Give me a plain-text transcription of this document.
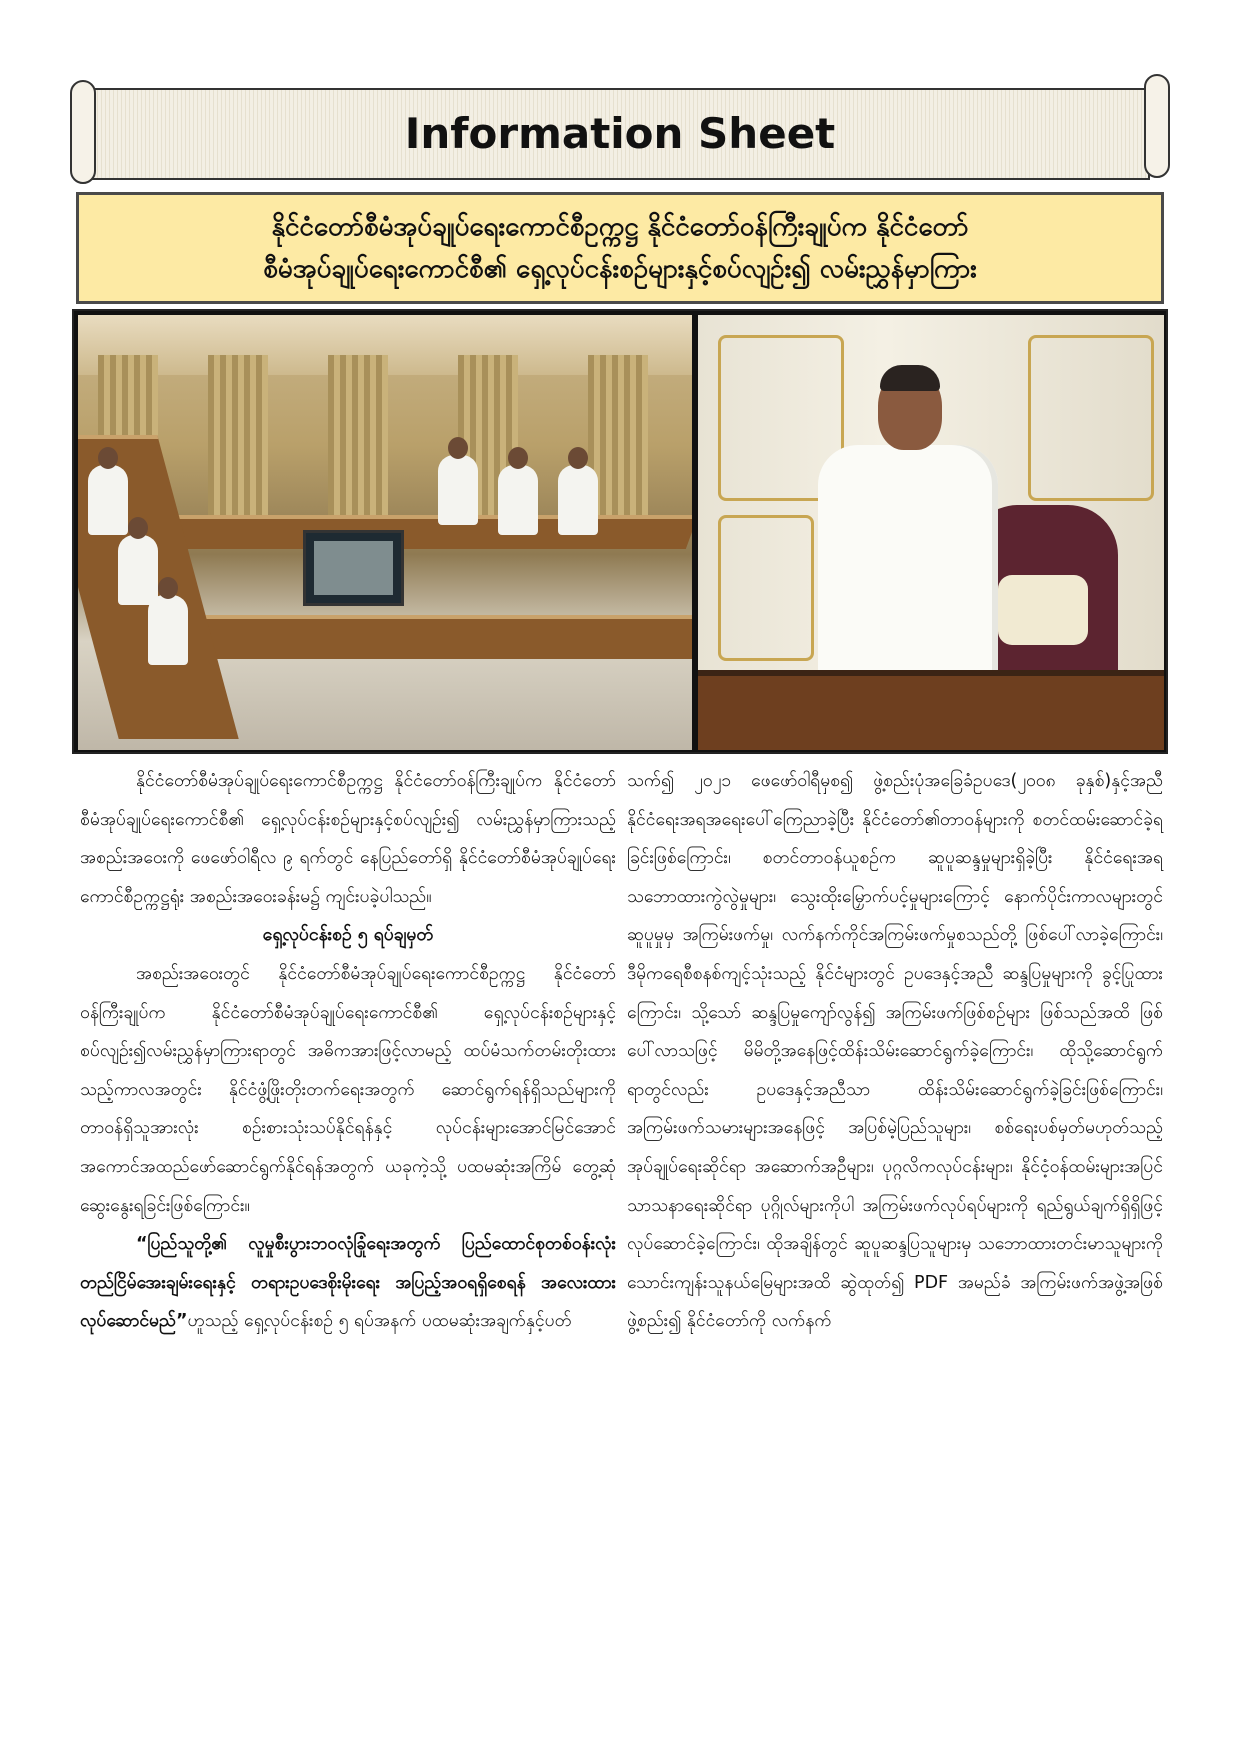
Information Sheet
နိုင်ငံတော်စီမံအုပ်ချုပ်ရေးကောင်စီဥက္ကဋ္ဌ နိုင်ငံတော်ဝန်ကြီးချုပ်က နိုင်ငံတော်
စီမံအုပ်ချုပ်ရေးကောင်စီ၏ ရှေ့လုပ်ငန်းစဉ်များနှင့်စပ်လျဉ်း၍ လမ်းညွှန်မှာကြား

နိုင်ငံတော်စီမံအုပ်ချုပ်ရေးကောင်စီဥက္ကဋ္ဌ နိုင်ငံတော်ဝန်ကြီးချုပ်က နိုင်ငံတော်စီမံအုပ်ချုပ်ရေးကောင်စီ၏ ရှေ့လုပ်ငန်းစဉ်များနှင့်စပ်လျဉ်း၍ လမ်းညွှန်မှာကြားသည့် အစည်းအဝေးကို ဖေဖော်ဝါရီလ ၉ ရက်တွင် နေပြည်တော်ရှိ နိုင်ငံတော်စီမံအုပ်ချုပ်ရေးကောင်စီဥက္ကဋ္ဌရုံး အစည်းအဝေးခန်းမ၌ ကျင်းပခဲ့ပါသည်။

ရှေ့လုပ်ငန်းစဉ် ၅ ရပ်ချမှတ်

အစည်းအဝေးတွင် နိုင်ငံတော်စီမံအုပ်ချုပ်ရေးကောင်စီဥက္ကဋ္ဌ နိုင်ငံတော်ဝန်ကြီးချုပ်က နိုင်ငံတော်စီမံအုပ်ချုပ်ရေးကောင်စီ၏ ရှေ့လုပ်ငန်းစဉ်များနှင့် စပ်လျဉ်း၍လမ်းညွှန်မှာကြားရာတွင် အဓိကအားဖြင့်လာမည့် ထပ်မံသက်တမ်းတိုးထားသည့်ကာလအတွင်း နိုင်ငံဖွံ့ဖြိုးတိုးတက်ရေးအတွက် ဆောင်ရွက်ရန်ရှိသည်များကို တာဝန်ရှိသူအားလုံး စဉ်းစားသုံးသပ်နိုင်ရန်နှင့် လုပ်ငန်းများအောင်မြင်အောင် အကောင်အထည်ဖော်ဆောင်ရွက်နိုင်ရန်အတွက် ယခုကဲ့သို့ ပထမဆုံးအကြိမ် တွေ့ဆုံဆွေးနွေးရခြင်းဖြစ်ကြောင်း။

“ပြည်သူတို့၏ လူမှုစီးပွားဘဝလုံခြုံရေးအတွက် ပြည်ထောင်စုတစ်ဝန်းလုံး တည်ငြိမ်အေးချမ်းရေးနှင့် တရားဥပဒေစိုးမိုးရေး အပြည့်အဝရရှိစေရန် အလေးထားလုပ်ဆောင်မည်”ဟူသည့် ရှေ့လုပ်ငန်းစဉ် ၅ ရပ်အနက် ပထမဆုံးအချက်နှင့်ပတ်

သက်၍ ၂၀၂၁ ဖေဖော်ဝါရီမှစ၍ ဖွဲ့စည်းပုံအခြေခံဥပဒေ(၂၀၀၈ ခုနှစ်)နှင့်အညီ နိုင်ငံရေးအရအရေးပေါ်ကြေညာခဲ့ပြီး နိုင်ငံတော်၏တာဝန်များကို စတင်ထမ်းဆောင်ခဲ့ရခြင်းဖြစ်ကြောင်း၊ စတင်တာဝန်ယူစဉ်က ဆူပူဆန္ဒမှုများရှိခဲ့ပြီး နိုင်ငံရေးအရ သဘောထားကွဲလွဲမှုများ၊ သွေးထိုးမြှောက်ပင့်မှုများကြောင့် နောက်ပိုင်းကာလများတွင် ဆူပူမှုမှ အကြမ်းဖက်မှု၊ လက်နက်ကိုင်အကြမ်းဖက်မှုစသည်တို့ ဖြစ်ပေါ်လာခဲ့ကြောင်း၊ ဒီမိုကရေစီစနစ်ကျင့်သုံးသည့် နိုင်ငံများတွင် ဥပဒေနှင့်အညီ ဆန္ဒပြမှုများကို ခွင့်ပြုထားကြောင်း၊ သို့သော် ဆန္ဒပြမှုကျော်လွန်၍ အကြမ်းဖက်ဖြစ်စဉ်များ ဖြစ်သည်အထိ ဖြစ်ပေါ်လာသဖြင့် မိမိတို့အနေဖြင့်ထိန်းသိမ်းဆောင်ရွက်ခဲ့ကြောင်း၊ ထိုသို့ဆောင်ရွက်ရာတွင်လည်း ဥပဒေနှင့်အညီသာ ထိန်းသိမ်းဆောင်ရွက်ခဲ့ခြင်းဖြစ်ကြောင်း၊ အကြမ်းဖက်သမားများအနေဖြင့် အပြစ်မဲ့ပြည်သူများ၊ စစ်ရေးပစ်မှတ်မဟုတ်သည့် အုပ်ချုပ်ရေးဆိုင်ရာ အဆောက်အဦများ၊ ပုဂ္ဂလိကလုပ်ငန်းများ၊ နိုင်ငံ့ဝန်ထမ်းများအပြင် သာသနာရေးဆိုင်ရာ ပုဂ္ဂိုလ်များကိုပါ အကြမ်းဖက်လုပ်ရပ်များကို ရည်ရွယ်ချက်ရှိရှိဖြင့် လုပ်ဆောင်ခဲ့ကြောင်း၊ ထိုအချိန်တွင် ဆူပူဆန္ဒပြသူများမှ သဘောထားတင်းမာသူများကို သောင်းကျန်းသူနယ်မြေများအထိ ဆွဲထုတ်၍ PDF အမည်ခံ အကြမ်းဖက်အဖွဲ့အဖြစ် ဖွဲ့စည်း၍ နိုင်ငံတော်ကို လက်နက်
